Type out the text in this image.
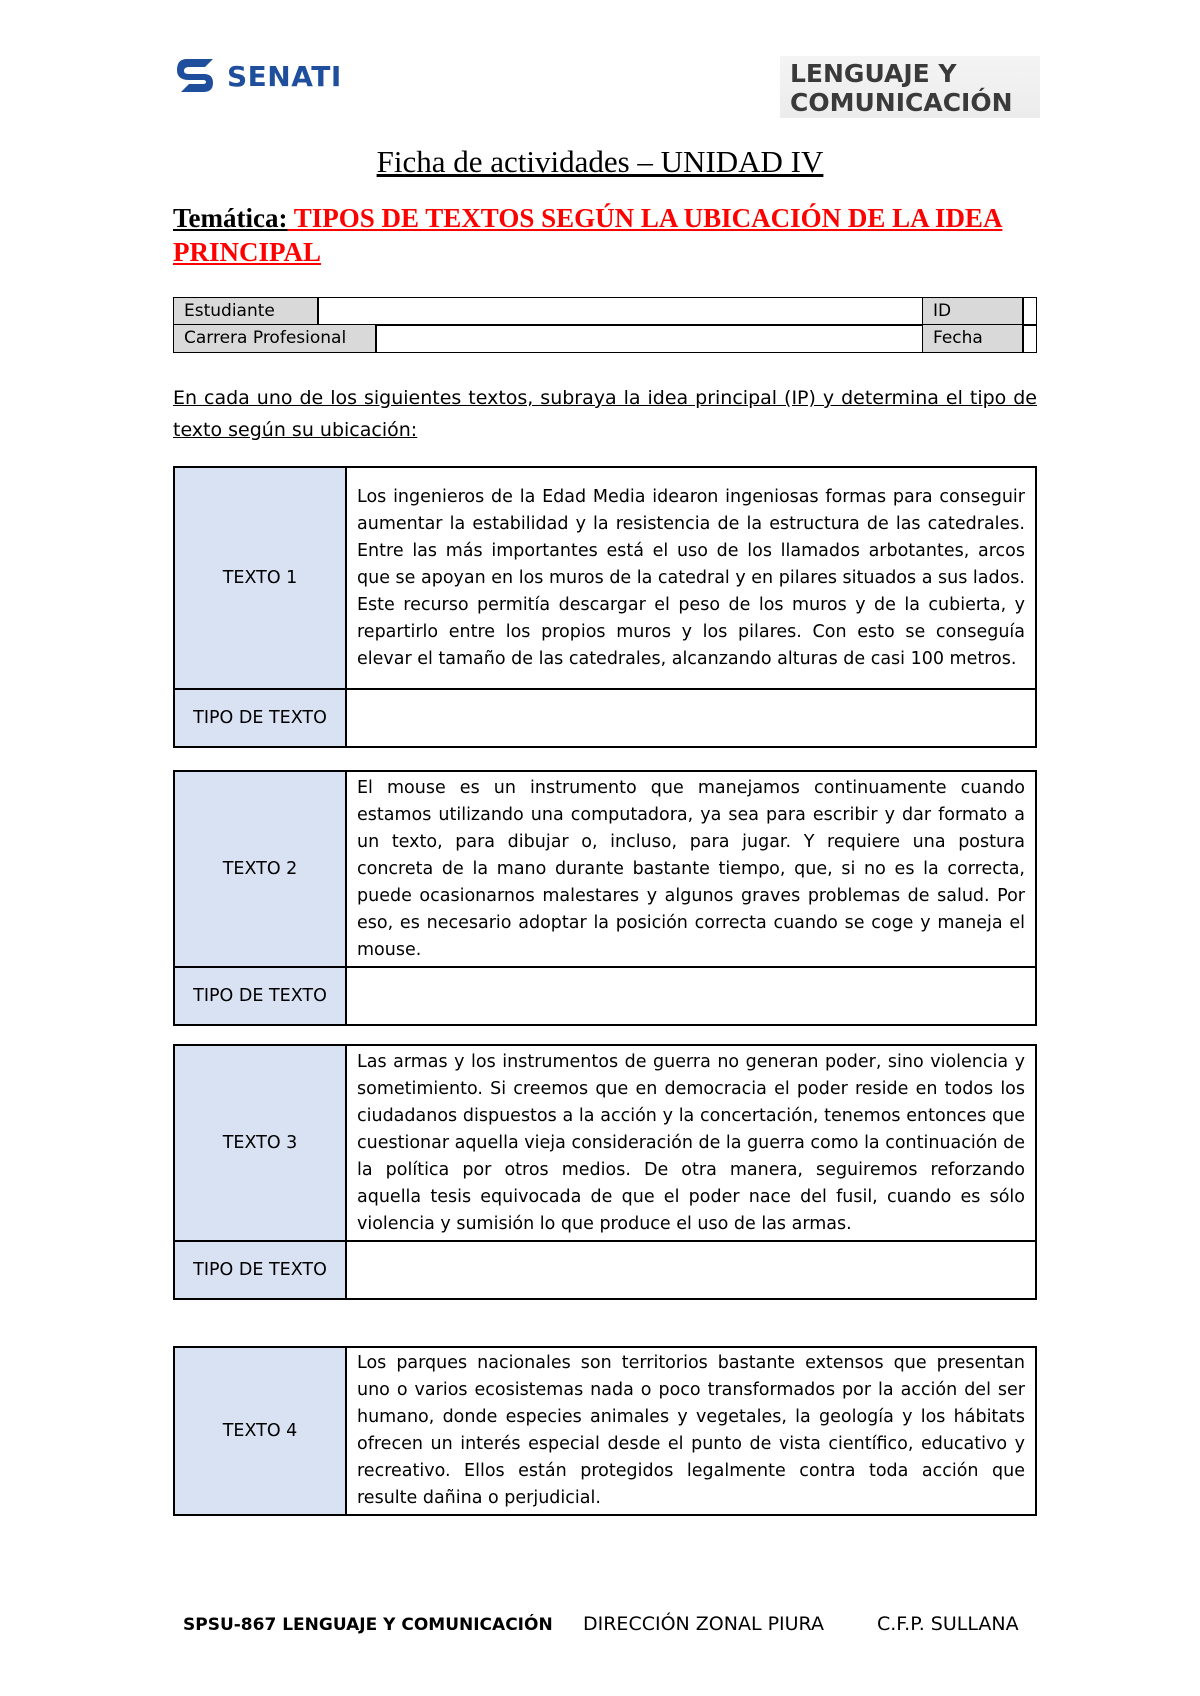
SENATI	LENGUAJE Y
COMUNICACIÓN
Ficha de actividades – UNIDAD IV
Temática: TIPOS DE TEXTOS SEGÚN LA UBICACIÓN DE LA IDEA PRINCIPAL
Estudiante	ID
Carrera Profesional	Fecha
En cada uno de los siguientes textos, subraya la idea principal (IP) y determina el tipo de texto según su ubicación:
TEXTO 1	Los ingenieros de la Edad Media idearon ingeniosas formas para conseguir aumentar la estabilidad y la resistencia de la estructura de las catedrales. Entre las más importantes está el uso de los llamados arbotantes, arcos que se apoyan en los muros de la catedral y en pilares situados a sus lados. Este recurso permitía descargar el peso de los muros y de la cubierta, y repartirlo entre los propios muros y los pilares. Con esto se conseguía elevar el tamaño de las catedrales, alcanzando alturas de casi 100 metros.
TIPO DE TEXTO	
TEXTO 2	El mouse es un instrumento que manejamos continuamente cuando estamos utilizando una computadora, ya sea para escribir y dar formato a un texto, para dibujar o, incluso, para jugar. Y requiere una postura concreta de la mano durante bastante tiempo, que, si no es la correcta, puede ocasionarnos malestares y algunos graves problemas de salud. Por eso, es necesario adoptar la posición correcta cuando se coge y maneja el mouse.
TIPO DE TEXTO	
TEXTO 3	Las armas y los instrumentos de guerra no generan poder, sino violencia y sometimiento. Si creemos que en democracia el poder reside en todos los ciudadanos dispuestos a la acción y la concertación, tenemos entonces que cuestionar aquella vieja consideración de la guerra como la continuación de la política por otros medios. De otra manera, seguiremos reforzando aquella tesis equivocada de que el poder nace del fusil, cuando es sólo violencia y sumisión lo que produce el uso de las armas.
TIPO DE TEXTO	
TEXTO 4	Los parques nacionales son territorios bastante extensos que presentan uno o varios ecosistemas nada o poco transformados por la acción del ser humano, donde especies animales y vegetales, la geología y los hábitats ofrecen un interés especial desde el punto de vista científico, educativo y recreativo. Ellos están protegidos legalmente contra toda acción que resulte dañina o perjudicial.
SPSU-867 LENGUAJE Y COMUNICACIÓN DIRECCIÓN ZONAL PIURA	C.F.P. SULLANA
